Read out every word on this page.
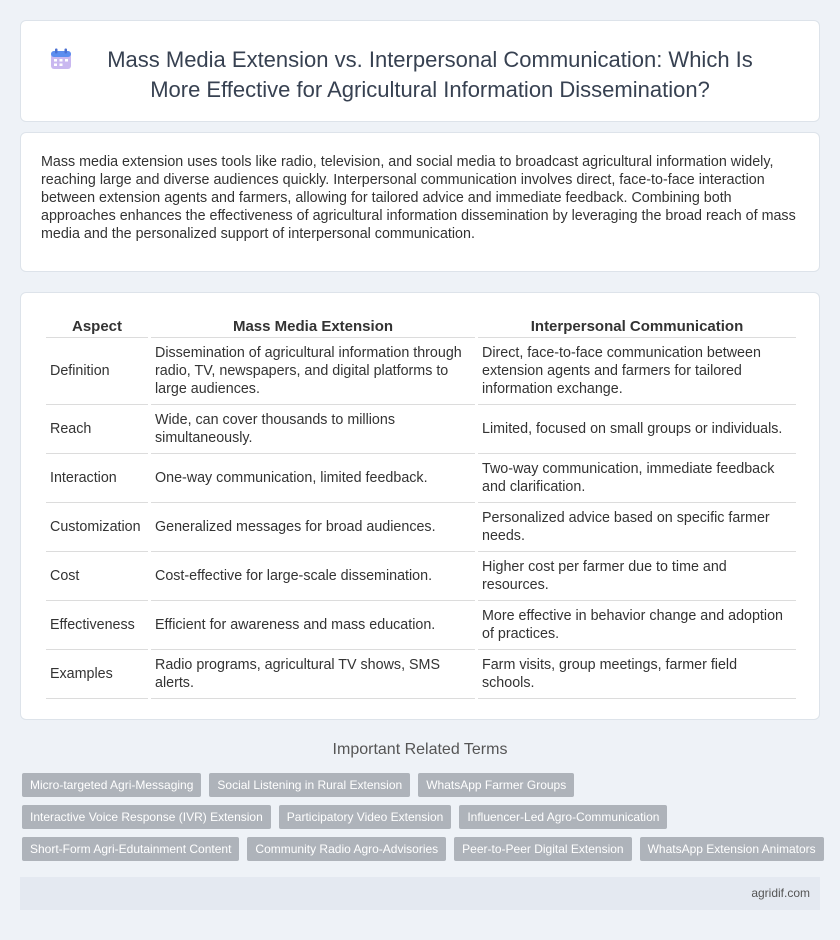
Mass Media Extension vs. Interpersonal Communication: Which Is
More Effective for Agricultural Information Dissemination?

Mass media extension uses tools like radio, television, and social media to broadcast agricultural information widely, reaching large and diverse audiences quickly. Interpersonal communication involves direct, face-to-face interaction between extension agents and farmers, allowing for tailored advice and immediate feedback. Combining both approaches enhances the effectiveness of agricultural information dissemination by leveraging the broad reach of mass media and the personalized support of interpersonal communication.

Aspect	Mass Media Extension	Interpersonal Communication
Definition	Dissemination of agricultural information through radio, TV, newspapers, and digital platforms to large audiences.	Direct, face-to-face communication between extension agents and farmers for tailored information exchange.
Reach	Wide, can cover thousands to millions simultaneously.	Limited, focused on small groups or individuals.
Interaction	One-way communication, limited feedback.	Two-way communication, immediate feedback and clarification.
Customization	Generalized messages for broad audiences.	Personalized advice based on specific farmer needs.
Cost	Cost-effective for large-scale dissemination.	Higher cost per farmer due to time and resources.
Effectiveness	Efficient for awareness and mass education.	More effective in behavior change and adoption of practices.
Examples	Radio programs, agricultural TV shows, SMS alerts.	Farm visits, group meetings, farmer field schools.
Important Related Terms
Micro-targeted Agri-Messaging	Social Listening in Rural Extension	WhatsApp Farmer Groups
Interactive Voice Response (IVR) Extension	Participatory Video Extension	Influencer-Led Agro-Communication
Short-Form Agri-Edutainment Content	Community Radio Agro-Advisories	Peer-to-Peer Digital Extension	WhatsApp Extension Animators
agridif.com
